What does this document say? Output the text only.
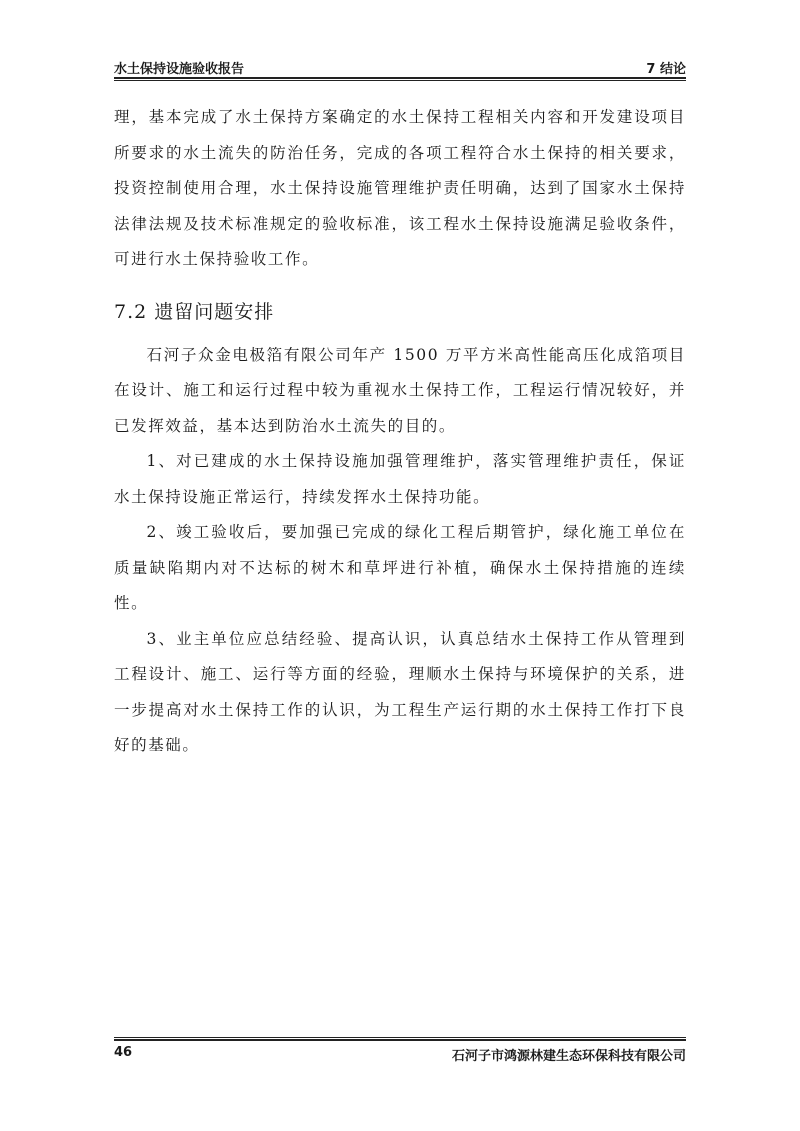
水土保持设施验收报告	7 结论

理，基本完成了水土保持方案确定的水土保持工程相关内容和开发建设项目所要求的水土流失的防治任务，完成的各项工程符合水土保持的相关要求，投资控制使用合理，水土保持设施管理维护责任明确，达到了国家水土保持法律法规及技术标准规定的验收标准，该工程水土保持设施满足验收条件，可进行水土保持验收工作。

7.2 遗留问题安排

石河子众金电极箔有限公司年产 1500 万平方米高性能高压化成箔项目在设计、施工和运行过程中较为重视水土保持工作，工程运行情况较好，并已发挥效益，基本达到防治水土流失的目的。

1、对已建成的水土保持设施加强管理维护，落实管理维护责任，保证水土保持设施正常运行，持续发挥水土保持功能。

2、竣工验收后，要加强已完成的绿化工程后期管护，绿化施工单位在质量缺陷期内对不达标的树木和草坪进行补植，确保水土保持措施的连续性。

3、业主单位应总结经验、提高认识，认真总结水土保持工作从管理到工程设计、施工、运行等方面的经验，理顺水土保持与环境保护的关系，进一步提高对水土保持工作的认识，为工程生产运行期的水土保持工作打下良好的基础。

46	石河子市鸿源林建生态环保科技有限公司
